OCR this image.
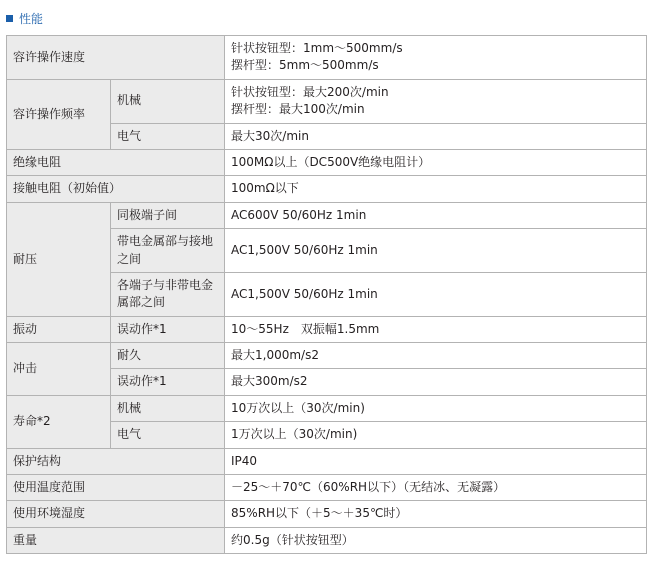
性能
容许操作速度		针状按钮型：1mm～500mm/s
摆杆型：5mm～500mm/s

容许操作频率	机械	针状按钮型：最大200次/min
摆杆型：最大100次/min

	电气	最大30次/min
绝缘电阻		100MΩ以上（DC500V绝缘电阻计）
接触电阻（初始值）		100mΩ以下
耐压	同极端子间	AC600V 50/60Hz 1min
	带电金属部与接地之间	AC1,500V 50/60Hz 1min
	各端子与非带电金属部之间	AC1,500V 50/60Hz 1min
振动	误动作*1	10～55Hz　双振幅1.5mm
冲击	耐久	最大1,000m/s2
	误动作*1	最大300m/s2
寿命*2	机械	10万次以上（30次/min)
	电气	1万次以上（30次/min)
保护结构		IP40
使用温度范围		－25～＋70℃（60%RH以下）（无结冰、无凝露）
使用环境湿度		85%RH以下（＋5～＋35℃时）
重量		约0.5g（针状按钮型）
